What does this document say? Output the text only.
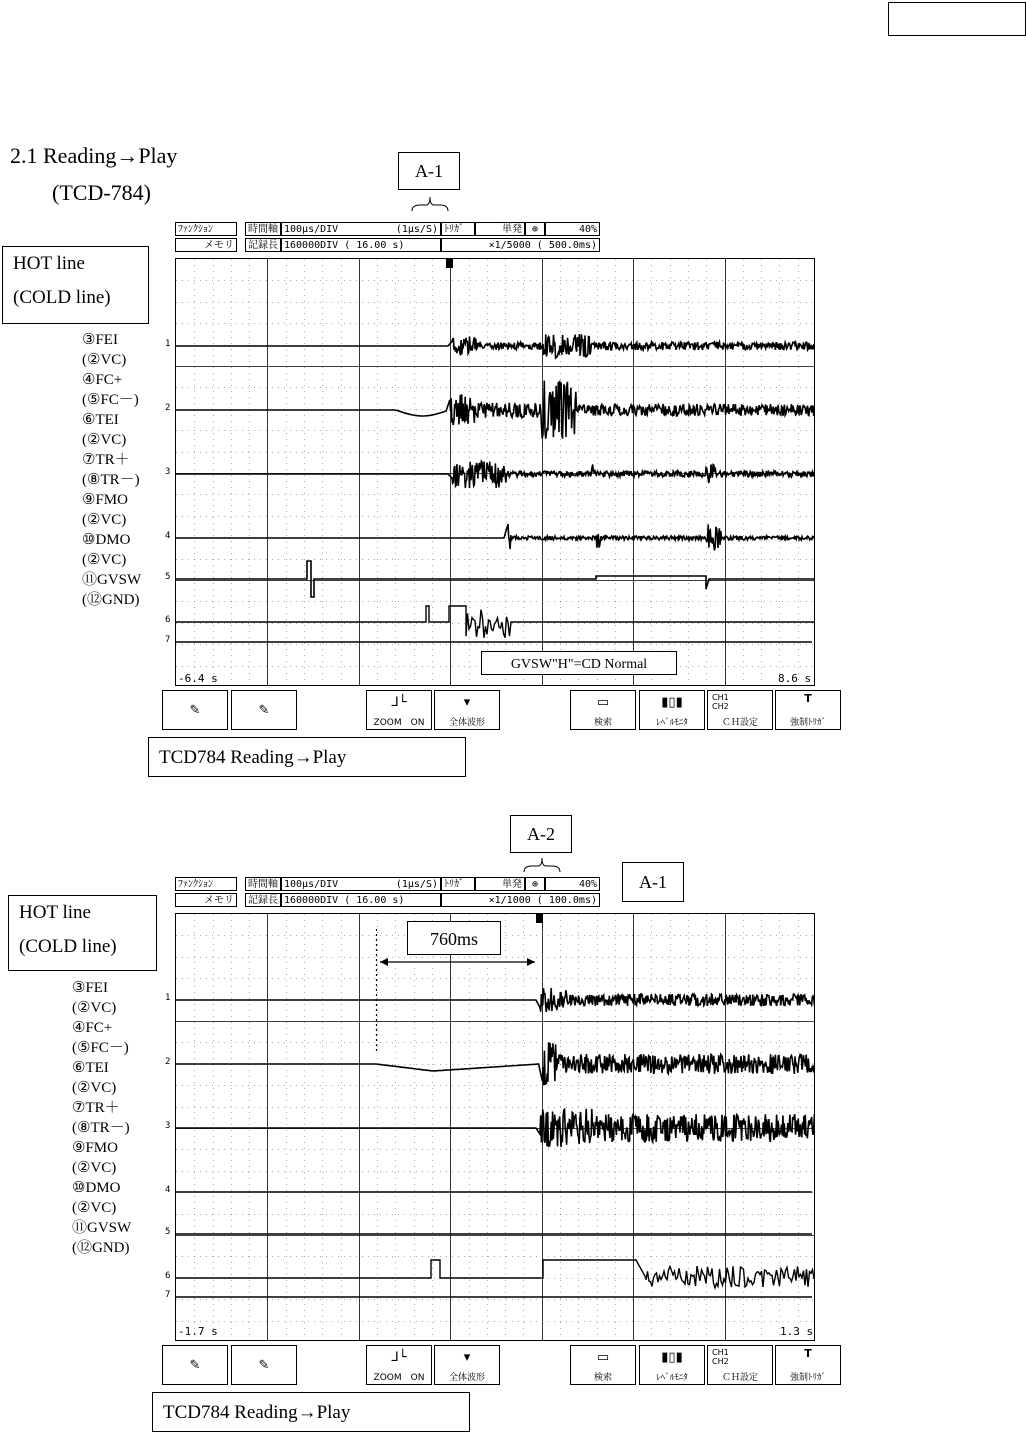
2.1 Reading→Play
(TCD-784)
A-1
ﾌｧﾝｸｼｮﾝ
メモリ
時間軸
記録長
100μs/DIV	(1μs/S)
160000DIV ( 16.00 s)
ﾄﾘｶﾞ	単発 ⊕	40%
×1/5000 ( 500.0ms)
HOT line
(COLD line)
-6.4 s	8.6 s
GVSW"H"=CD Normal
③FEI
(②VC)
④FC+
(⑤FC－)
⑥TEI
(②VC)
⑦TR＋
(⑧TR－)
⑨FMO
(②VC)
⑩DMO
(②VC)
⑪GVSW
(⑫GND)
1
2
3
4
5
6
7
✎	✎
⅃└
ZOOM　ON
▾
全体波形
▭
検索
▮▯▮
ﾚﾍﾞﾙﾓﾆﾀ
CH1
CH2
ＣＨ設定
T
強制ﾄﾘｶﾞ
TCD784 Reading→Play
A-2
A-1
ﾌｧﾝｸｼｮﾝ
メモリ
時間軸
記録長
100μs/DIV	(1μs/S)
160000DIV ( 16.00 s)
ﾄﾘｶﾞ	単発 ⊕	40%
×1/1000 ( 100.0ms)
HOT line
(COLD line)
-1.7 s	1.3 s
760ms
③FEI
(②VC)
④FC+
(⑤FC－)
⑥TEI
(②VC)
⑦TR＋
(⑧TR－)
⑨FMO
(②VC)
⑩DMO
(②VC)
⑪GVSW
(⑫GND)
1
2
3
4
5
6
7
✎	✎
⅃└
ZOOM　ON
▾
全体波形
▭
検索
▮▯▮
ﾚﾍﾞﾙﾓﾆﾀ
CH1
CH2
ＣＨ設定
T
強制ﾄﾘｶﾞ
TCD784 Reading→Play
